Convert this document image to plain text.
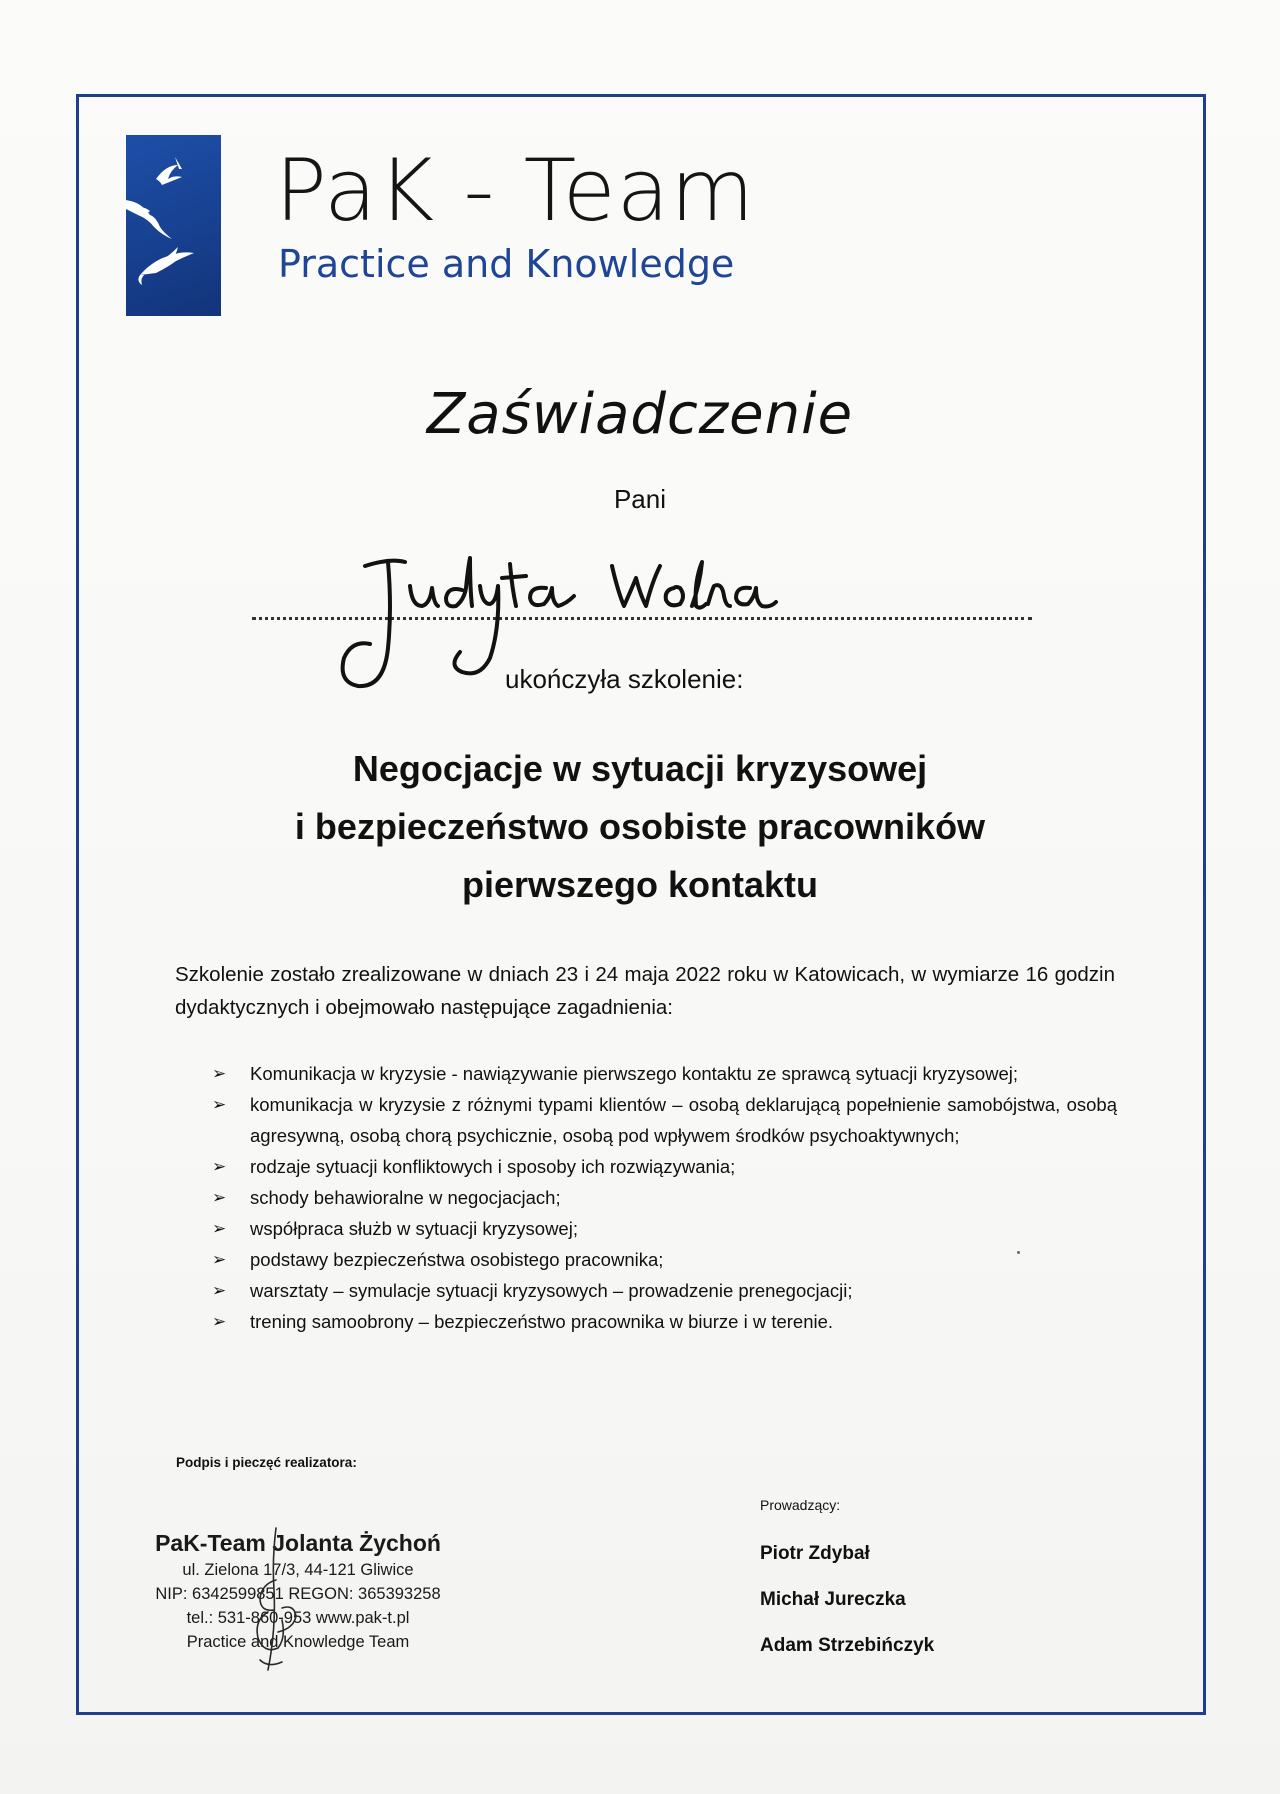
PaK - Team
Practice and Knowledge
Zaświadczenie
Pani
ukończyła szkolenie:
Negocjacje w sytuacji kryzysowej
i bezpieczeństwo osobiste pracowników
pierwszego kontaktu
Szkolenie zostało zrealizowane w dniach 23 i 24 maja 2022 roku w Katowicach, w wymiarze 16 godzin dydaktycznych i obejmowało następujące zagadnienia:
➢ Komunikacja w kryzysie - nawiązywanie pierwszego kontaktu ze sprawcą sytuacji kryzysowej;
➢ komunikacja w kryzysie z różnymi typami klientów – osobą deklarującą popełnienie samobójstwa, osobą agresywną, osobą chorą psychicznie, osobą pod wpływem środków psychoaktywnych;
➢ rodzaje sytuacji konfliktowych i sposoby ich rozwiązywania;
➢ schody behawioralne w negocjacjach;
➢ współpraca służb w sytuacji kryzysowej;
➢ podstawy bezpieczeństwa osobistego pracownika;
➢ warsztaty – symulacje sytuacji kryzysowych – prowadzenie prenegocjacji;
➢ trening samoobrony – bezpieczeństwo pracownika w biurze i w terenie.
Podpis i pieczęć realizatora:
PaK-Team Jolanta Żychoń
ul. Zielona 17/3, 44-121 Gliwice
NIP: 6342599851 REGON: 365393258
tel.: 531-860-953 www.pak-t.pl
Practice and Knowledge Team
Prowadzący:
Piotr Zdybał
Michał Jureczka
Adam Strzebińczyk
